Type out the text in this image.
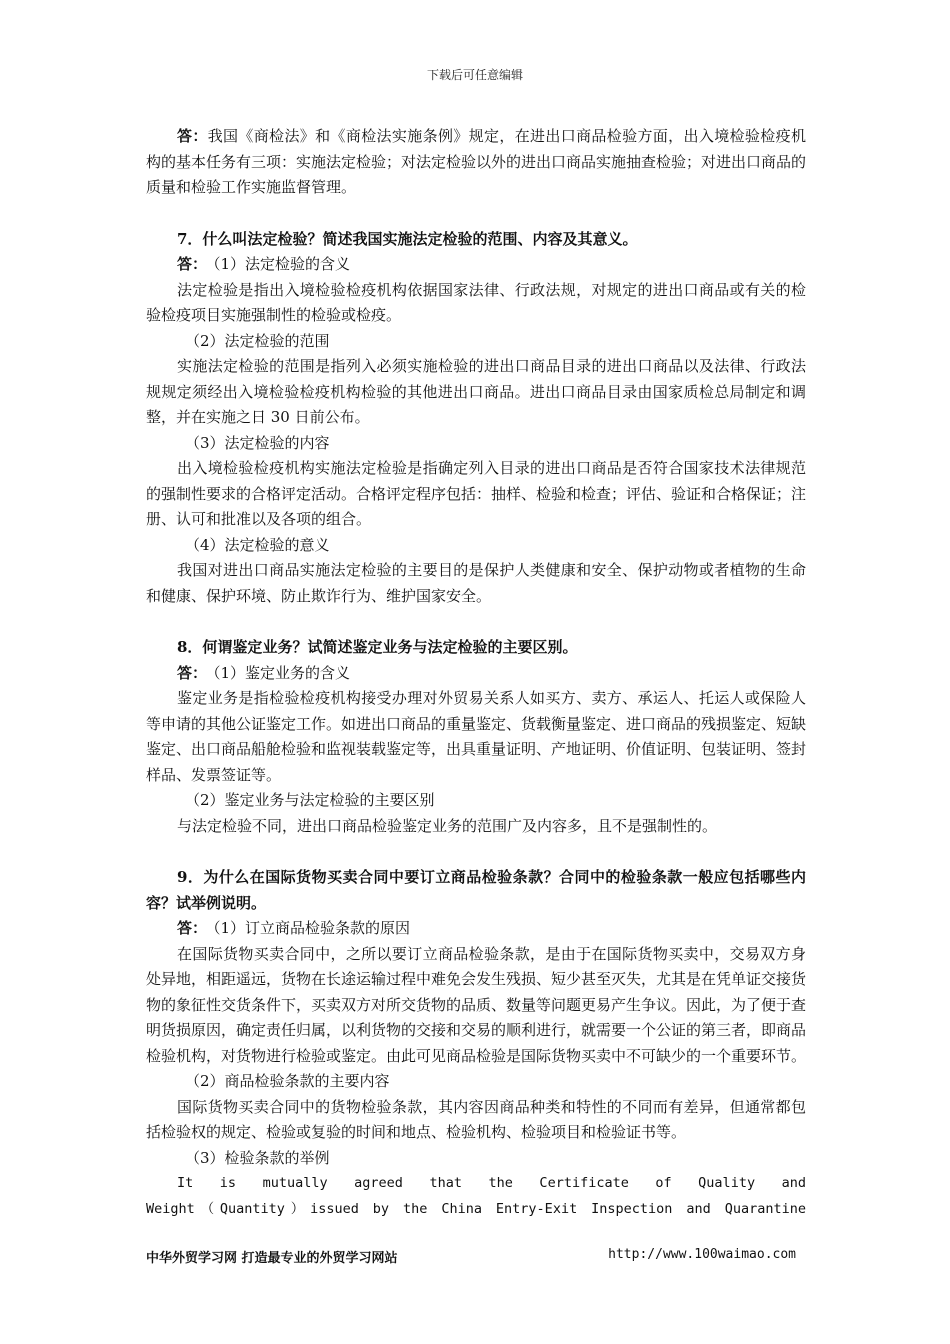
下载后可任意编辑

答：我国《商检法》和《商检法实施条例》规定，在进出口商品检验方面，出入境检验检疫机构的基本任务有三项：实施法定检验；对法定检验以外的进出口商品实施抽查检验；对进出口商品的质量和检验工作实施监督管理。

7．什么叫法定检验？简述我国实施法定检验的范围、内容及其意义。

答： （1）法定检验的含义

法定检验是指出入境检验检疫机构依据国家法律、行政法规，对规定的进出口商品或有关的检验检疫项目实施强制性的检验或检疫。

（2）法定检验的范围

实施法定检验的范围是指列入必须实施检验的进出口商品目录的进出口商品以及法律、行政法规规定须经出入境检验检疫机构检验的其他进出口商品。进出口商品目录由国家质检总局制定和调整，并在实施之日 30 日前公布。

（3）法定检验的内容

出入境检验检疫机构实施法定检验是指确定列入目录的进出口商品是否符合国家技术法律规范的强制性要求的合格评定活动。合格评定程序包括：抽样、检验和检查；评估、验证和合格保证；注册、认可和批准以及各项的组合。

（4）法定检验的意义

我国对进出口商品实施法定检验的主要目的是保护人类健康和安全、保护动物或者植物的生命和健康、保护环境、防止欺诈行为、维护国家安全。

8．何谓鉴定业务？试简述鉴定业务与法定检验的主要区别。

答： （1）鉴定业务的含义

鉴定业务是指检验检疫机构接受办理对外贸易关系人如买方、卖方、承运人、托运人或保险人等申请的其他公证鉴定工作。如进出口商品的重量鉴定、货载衡量鉴定、进口商品的残损鉴定、短缺鉴定、出口商品船舱检验和监视装载鉴定等，出具重量证明、产地证明、价值证明、包装证明、签封样品、发票签证等。

（2）鉴定业务与法定检验的主要区别

与法定检验不同，进出口商品检验鉴定业务的范围广及内容多，且不是强制性的。

9．为什么在国际货物买卖合同中要订立商品检验条款？合同中的检验条款一般应包括哪些内容？试举例说明。

答： （1）订立商品检验条款的原因

在国际货物买卖合同中，之所以要订立商品检验条款，是由于在国际货物买卖中，交易双方身处异地，相距遥远，货物在长途运输过程中难免会发生残损、短少甚至灭失，尤其是在凭单证交接货物的象征性交货条件下，买卖双方对所交货物的品质、数量等问题更易产生争议。因此，为了便于查明货损原因，确定责任归属，以利货物的交接和交易的顺利进行，就需要一个公证的第三者，即商品检验机构，对货物进行检验或鉴定。由此可见商品检验是国际货物买卖中不可缺少的一个重要环节。

（2）商品检验条款的主要内容

国际货物买卖合同中的货物检验条款，其内容因商品种类和特性的不同而有差异，但通常都包括检验权的规定、检验或复验的时间和地点、检验机构、检验项目和检验证书等。

（3）检验条款的举例

It is mutually agreed that the Certificate of Quality and

Weight（Quantity）issued by the China Entry-Exit Inspection and Quarantine

中华外贸学习网 打造最专业的外贸学习网站	http://www.100waimao.com
